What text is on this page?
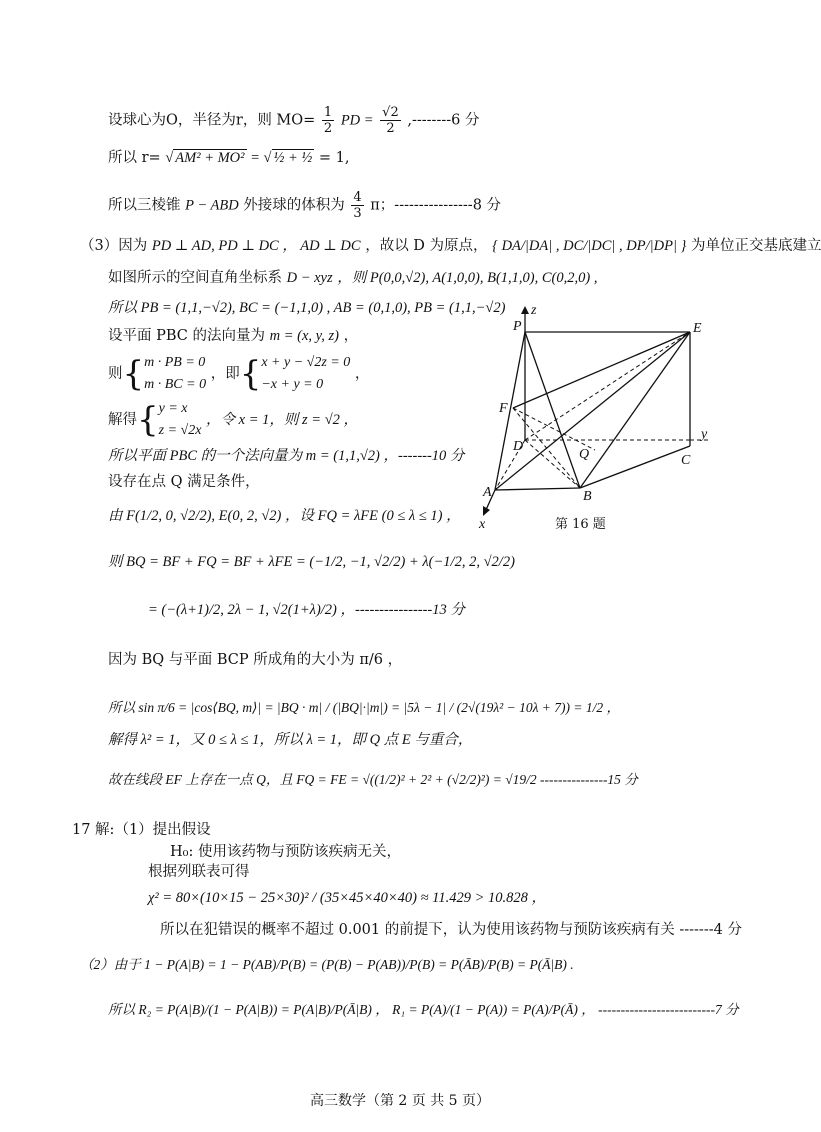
设球心为O，半径为r，则 $MO= \frac{1}{2}$ PD = $\frac{√2}{2} ,--------6$ 分
所以 r= √ AM² + MO² = √ ½ + ½ = 1,
所以三棱锥 P − ABD 外接球的体积为 $\frac{4}{3}$ π；----------------8 分
（3）因为 PD ⊥ AD, PD ⊥ DC ， AD ⊥ DC ，故以 D 为原点， { DA/|DA| , DC/|DC| , DP/|DP| } 为单位正交基底建立
如图所示的空间直角坐标系 D − xyz ，则 P(0,0,√2), A(1,0,0), B(1,1,0), C(0,2,0) ,
所以 PB = (1,1,−√2), BC = (−1,1,0) , AB = (0,1,0), PB = (1,1,−√2)
设平面 PBC 的法向量为 m = (x, y, z) ，
则{m · PB = 0
m · BC = 0 ，即{x + y − √2z = 0
−x + y = 0 ，
解得{y = x
z = √2x ，令 x = 1，则 z = √2 ，
所以平面 PBC 的一个法向量为 m = (1,1,√2) ，-------10 分
设存在点 Q 满足条件，
由 F(1/2, 0, √2/2), E(0, 2, √2) ，设 FQ = λFE (0 ≤ λ ≤ 1) ，
则 BQ = BF + FQ = BF + λFE = (−1/2, −1, √2/2) + λ(−1/2, 2, √2/2)
= (−(λ+1)/2, 2λ − 1, √2(1+λ)/2) ，----------------13 分
因为 BQ 与平面 BCP 所成角的大小为 π/6 ，
所以 sin π/6 = |cos⟨BQ, m⟩| = |BQ · m| / (|BQ|·|m|) = |5λ − 1| / (2√(19λ² − 10λ + 7)) = 1/2 ，
解得 λ² = 1，又 0 ≤ λ ≤ 1，所以 λ = 1，即 Q 点 E 与重合，
故在线段 EF 上存在一点 Q，且 FQ = FE = √((1/2)² + 2² + (√2/2)²) = √19/2 ---------------15 分
17 解:（1）提出假设
H₀: 使用该药物与预防该疾病无关，
根据列联表可得
χ² = 80×(10×15 − 25×30)² / (35×45×40×40) ≈ 11.429 > 10.828 ，
所以在犯错误的概率不超过 0.001 的前提下，认为使用该药物与预防该疾病有关 -------4 分
（2）由于 1 − P(A|B) = 1 − P(AB)/P(B) = (P(B) − P(AB))/P(B) = P(ĀB)/P(B) = P(Ā|B) .
所以 R₂ = P(A|B)/(1 − P(A|B)) = P(A|B)/P(Ā|B) ， R₁ = P(A)/(1 − P(A)) = P(A)/P(Ā) ， --------------------------7 分
P	E
z
F
D
Q
y
C
A	B
x	第 16 题
高三数学（第 2 页 共 5 页）
